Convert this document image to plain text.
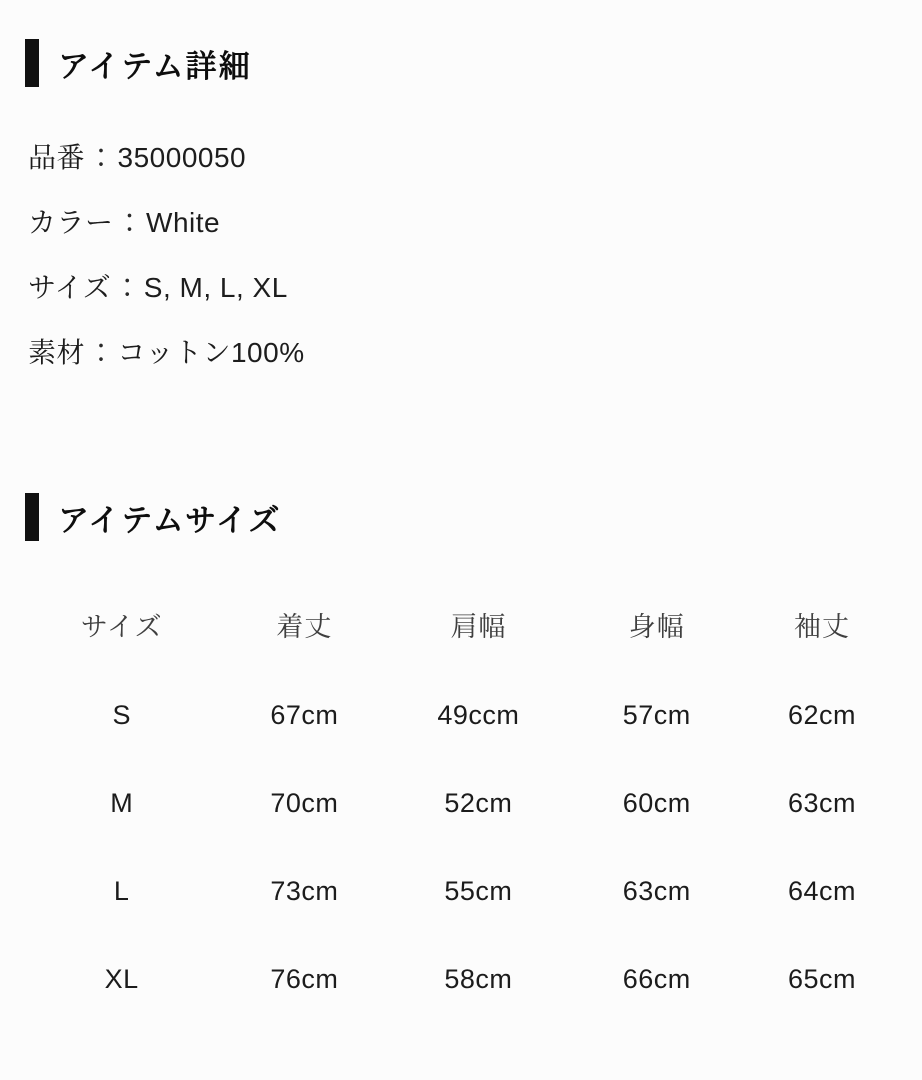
アイテム詳細
品番：35000050
カラー：White
サイズ：S, M, L, XL
素材：コットン100%
アイテムサイズ
サイズ	着丈	肩幅	身幅	袖丈
S	67cm	49ccm	57cm	62cm
M	70cm	52cm	60cm	63cm
L	73cm	55cm	63cm	64cm
XL	76cm	58cm	66cm	65cm
